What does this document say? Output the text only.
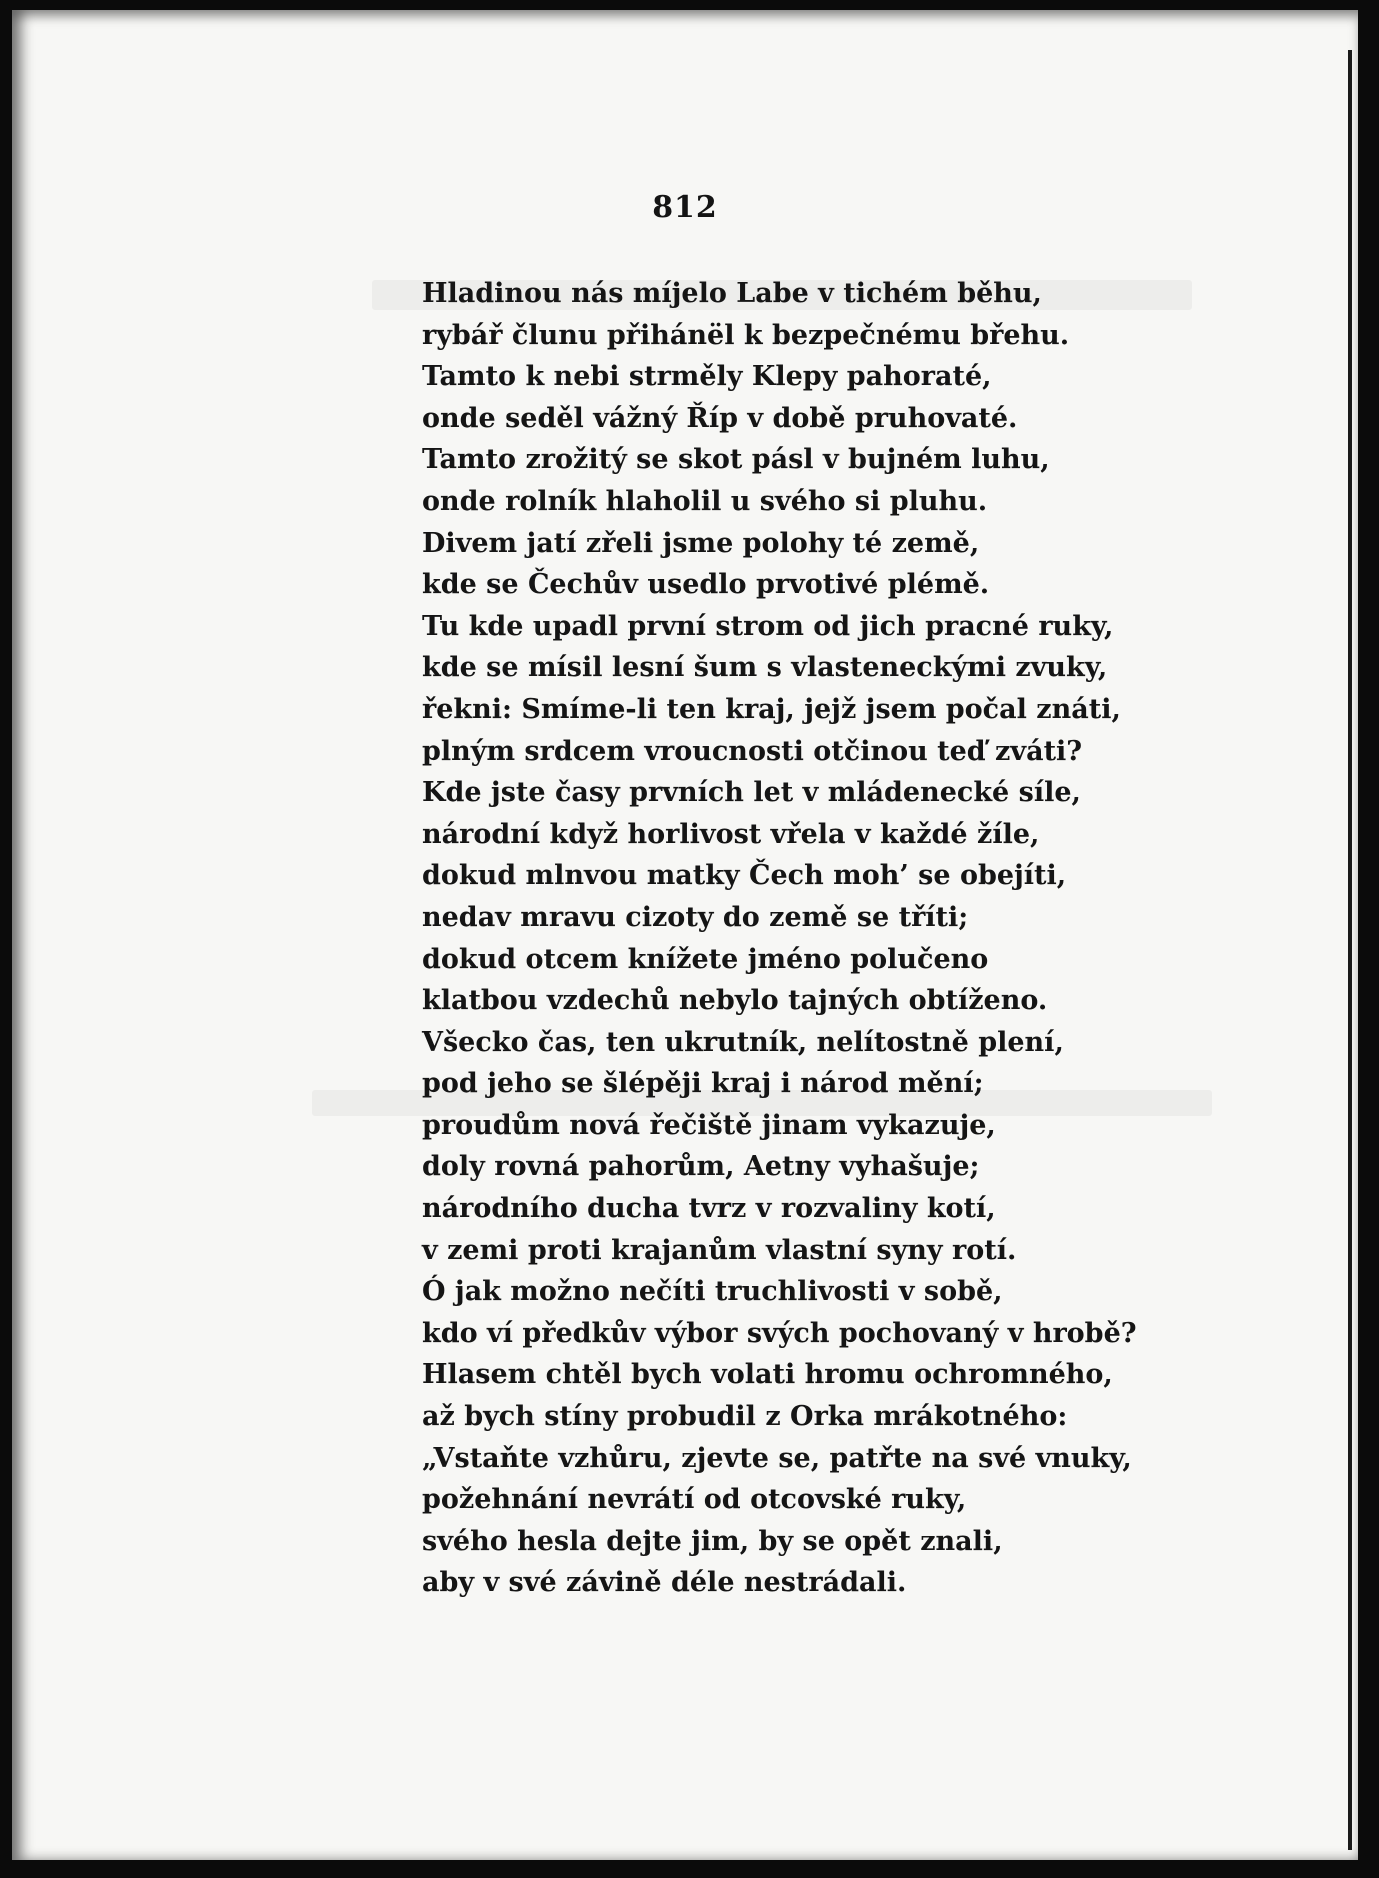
812
Hladinou nás míjelo Labe v tichém běhu,
rybář člunu přihánël k bezpečnému břehu.
Tamto k nebi strměly Klepy pahoraté,
onde seděl vážný Říp v době pruhovaté.
Tamto zrožitý se skot pásl v bujném luhu,
onde rolník hlaholil u svého si pluhu.
Divem jatí zřeli jsme polohy té země,
kde se Čechův usedlo prvotivé plémě.
Tu kde upadl první strom od jich pracné ruky,
kde se mísil lesní šum s vlasteneckými zvuky,
řekni: Smíme-li ten kraj, jejž jsem počal znáti,
plným srdcem vroucnosti otčinou teď zváti?
Kde jste časy prvních let v mládenecké síle,
národní když horlivost vřela v každé žíle,
dokud mlnvou matky Čech moh’ se obejíti,
nedav mravu cizoty do země se tříti;
dokud otcem knížete jméno polučeno
klatbou vzdechů nebylo tajných obtíženo.
Všecko čas, ten ukrutník, nelítostně plení,
pod jeho se šlépěji kraj i národ mění;
proudům nová řečiště jinam vykazuje,
doly rovná pahorům, Aetny vyhašuje;
národního ducha tvrz v rozvaliny kotí,
v zemi proti krajanům vlastní syny rotí.
Ó jak možno nečíti truchlivosti v sobě,
kdo ví předkův výbor svých pochovaný v hrobě?
Hlasem chtěl bych volati hromu ochromného,
až bych stíny probudil z Orka mrákotného:
„Vstaňte vzhůru, zjevte se, patřte na své vnuky,
požehnání nevrátí od otcovské ruky,
svého hesla dejte jim, by se opět znali,
aby v své závině déle nestrádali.
